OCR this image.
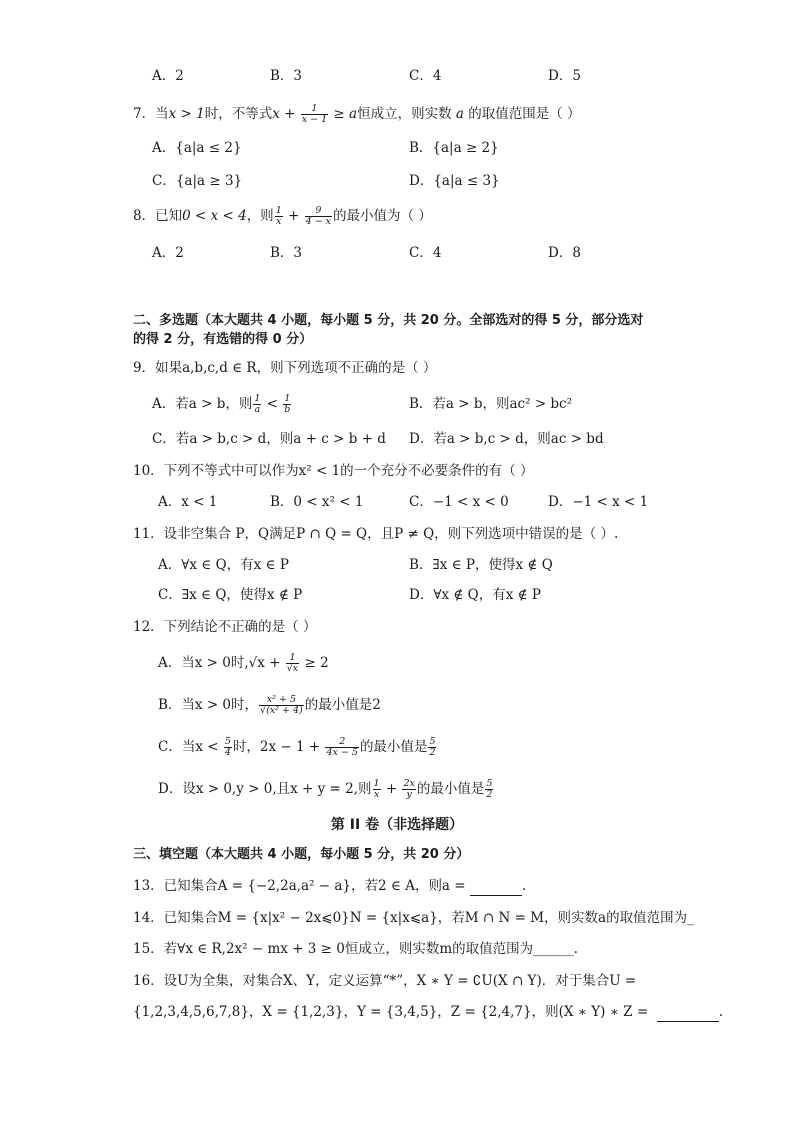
A．2	B．3	C．4	D．5
7．当x > 1时，不等式$x + \frac{1}{x - 1} \ge a$恒成立，则实数 a 的取值范围是（ ）
A．{a|a ≤ 2}	B．{a|a ≥ 2}
C．{a|a ≥ 3}	D．{a|a ≤ 3}
8．已知0 < x < 4，则 $\frac{1}{x} + \frac{9}{4 - x}$ 的最小值为（ ）
A．2	B．3	C．4	D．8
二、多选题（本大题共 4 小题，每小题 5 分，共 20 分。全部选对的得 5 分，部分选对
的得 2 分，有选错的得 0 分）
9．如果a,b,c,d ∈ R，则下列选项不正确的是（ ）
A．若a > b，则 $\frac{1}{a} < \frac{1}{b}$	B．若a > b，则ac² > bc²
C．若a > b,c > d，则a + c > b + d D．若a > b,c > d，则ac > bd
10．下列不等式中可以作为x² < 1的一个充分不必要条件的有（ ）
A．x < 1	B．0 < x² < 1	C．−1 < x < 0	D．−1 < x < 1
11．设非空集合 P，Q满足P ∩ Q = Q，且P ≠ Q，则下列选项中错误的是（ ）.
A．∀x ∈ Q，有x ∈ P	B．∃x ∈ P，使得x ∉ Q
C．∃x ∈ Q，使得x ∉ P	D．∀x ∉ Q，有x ∉ P
12．下列结论不正确的是（ ）
A．当x > 0时$,√x + \frac{1}{√x} \ge 2$
B．当x > 0时， $\frac{\text{x² + 5}}{\text{√(x² + 4)}}$ 的最小值是2
C．当$x < \frac{5}{4}$ 时，$2x - 1 + \frac{2}{4x - 5}$ 的最小值是 $\frac{5}{2}$
D．设x > 0,y > 0,且x + y = 2,则 $\frac{1}{x} + \frac{2x}{y}$ 的最小值是 $\frac{5}{2}$
第 II 卷（非选择题）
三、填空题（本大题共 4 小题，每小题 5 分，共 20 分）
13．已知集合A = {−2,2a,a² − a}，若2 ∈ A，则a =	.
14．已知集合M = {x|x² − 2x⩽0}N = {x|x⩽a}，若M ∩ N = M，则实数a的取值范围为_
15．若∀x ∈ R,2x² − mx + 3 ≥ 0恒成立，则实数m的取值范围为______.
16．设U为全集，对集合X、Y，定义运算“*”，X ∗ Y = ∁U(X ∩ Y)．对于集合U =
{1,2,3,4,5,6,7,8}，X = {1,2,3}，Y = {3,4,5}，Z = {2,4,7}，则(X ∗ Y) ∗ Z =	.
